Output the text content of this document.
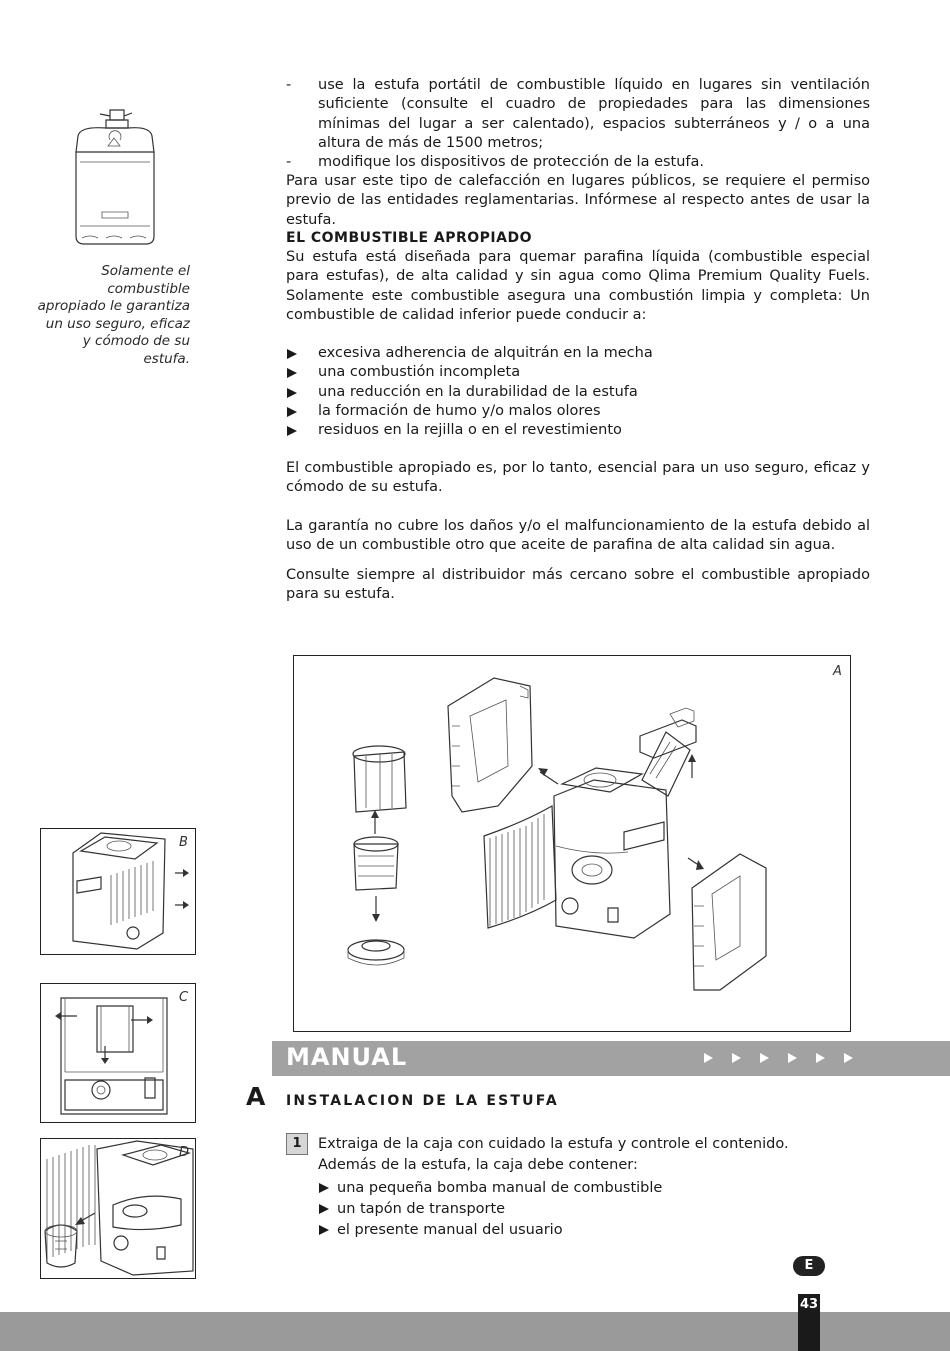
- use la estufa portátil de combustible líquido en lugares sin ventilación suficiente (consulte el cuadro de propiedades para las dimensiones mínimas del lugar a ser calentado), espacios subterráneos y / o a una altura de más de 1500 metros;
- modifique los dispositivos de protección de la estufa.
Para usar este tipo de calefacción en lugares públicos, se requiere el permiso previo de las entidades reglamentarias. Infórmese al respecto antes de usar la estufa.
EL COMBUSTIBLE APROPIADO
Su estufa está diseñada para quemar parafina líquida (combustible especial para estufas), de alta calidad y sin agua como Qlima Premium Quality Fuels. Solamente este combustible asegura una combustión limpia y completa: Un combustible de calidad inferior puede conducir a:
excesiva adherencia de alquitrán en la mecha
una combustión incompleta
una reducción en la durabilidad de la estufa
la formación de humo y/o malos olores
residuos en la rejilla o en el revestimiento
El combustible apropiado es, por lo tanto, esencial para un uso seguro, eficaz y cómodo de su estufa.
La garantía no cubre los daños y/o el malfuncionamiento de la estufa debido al uso de un combustible otro que aceite de parafina de alta calidad sin agua.
Consulte siempre al distribuidor más cercano sobre el combustible apropiado para su estufa.
Solamente el combustible apropiado le garantiza un uso seguro, eficaz y cómodo de su estufa.
A
B
C
D
MANUAL

A INSTALACION DE LA ESTUFA
1	Extraiga de la caja con cuidado la estufa y controle el contenido.
Además de la estufa, la caja debe contener:
una pequeña bomba manual de combustible
un tapón de transporte
el presente manual del usuario
E
43
